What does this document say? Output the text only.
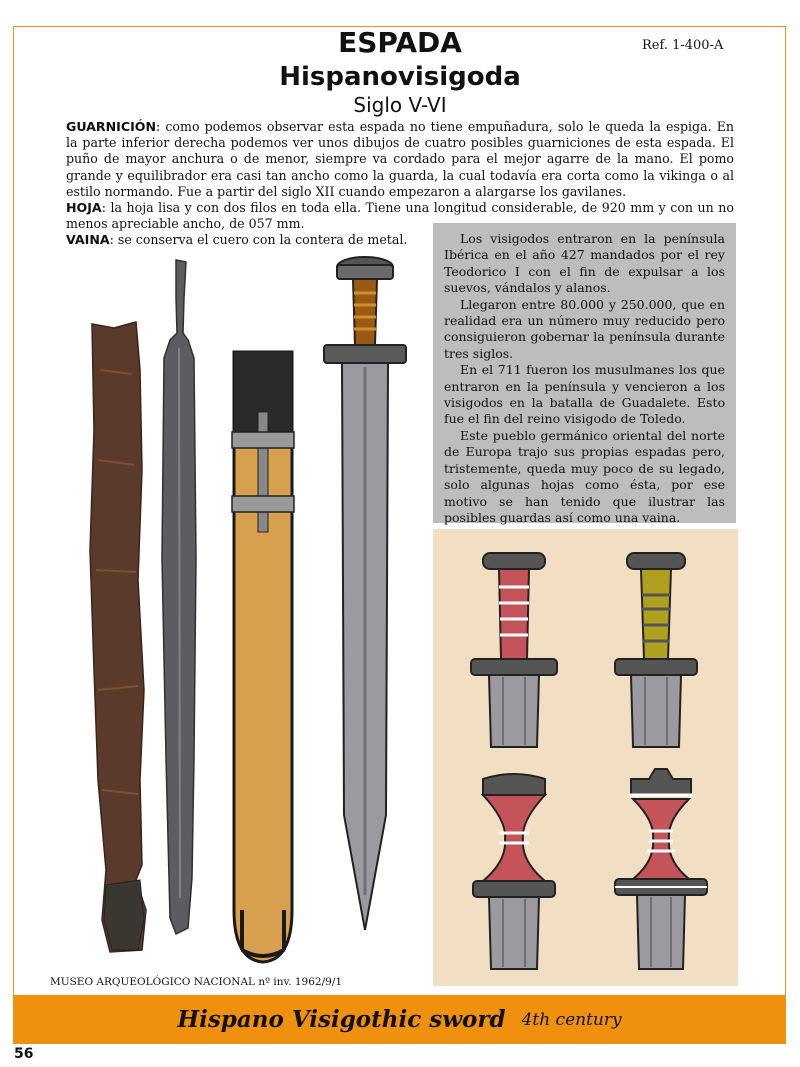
ESPADA
Hispanovisigoda
Siglo V-VI
Ref. 1-400-A

GUARNICIÓN: como podemos observar esta espada no tiene empuñadura, solo le queda la espiga. En la parte inferior derecha podemos ver unos dibujos de cuatro posibles guarniciones de esta espada. El puño de mayor anchura o de menor, siempre va cordado para el mejor agarre de la mano. El pomo grande y equilibrador era casi tan ancho como la guarda, la cual todavía era corta como la vikinga o al estilo normando. Fue a partir del siglo XII cuando empezaron a alargarse los gavilanes.

HOJA: la hoja lisa y con dos filos en toda ella. Tiene una longitud considerable, de 920 mm y con un no menos apreciable ancho, de 057 mm.

VAINA: se conserva el cuero con la contera de metal.	Los visigodos entraron en la península Ibérica en el año 427 mandados por el rey Teodorico I con el fin de expulsar a los suevos, vándalos y alanos.

Llegaron entre 80.000 y 250.000, que en realidad era un número muy reducido pero consiguieron gobernar la península durante tres siglos.

En el 711 fueron los musulmanes los que entraron en la península y vencieron a los visigodos en la batalla de Guadalete. Esto fue el fin del reino visigodo de Toledo.

Este pueblo germánico oriental del norte de Europa trajo sus propias espadas pero, tristemente, queda muy poco de su legado, solo algunas hojas como ésta, por ese motivo se han tenido que ilustrar las posibles guardas así como una vaina.

MUSEO ARQUEOLÓGICO NACIONAL nº inv. 1962/9/1
Hispano Visigothic sword 4th century
56
